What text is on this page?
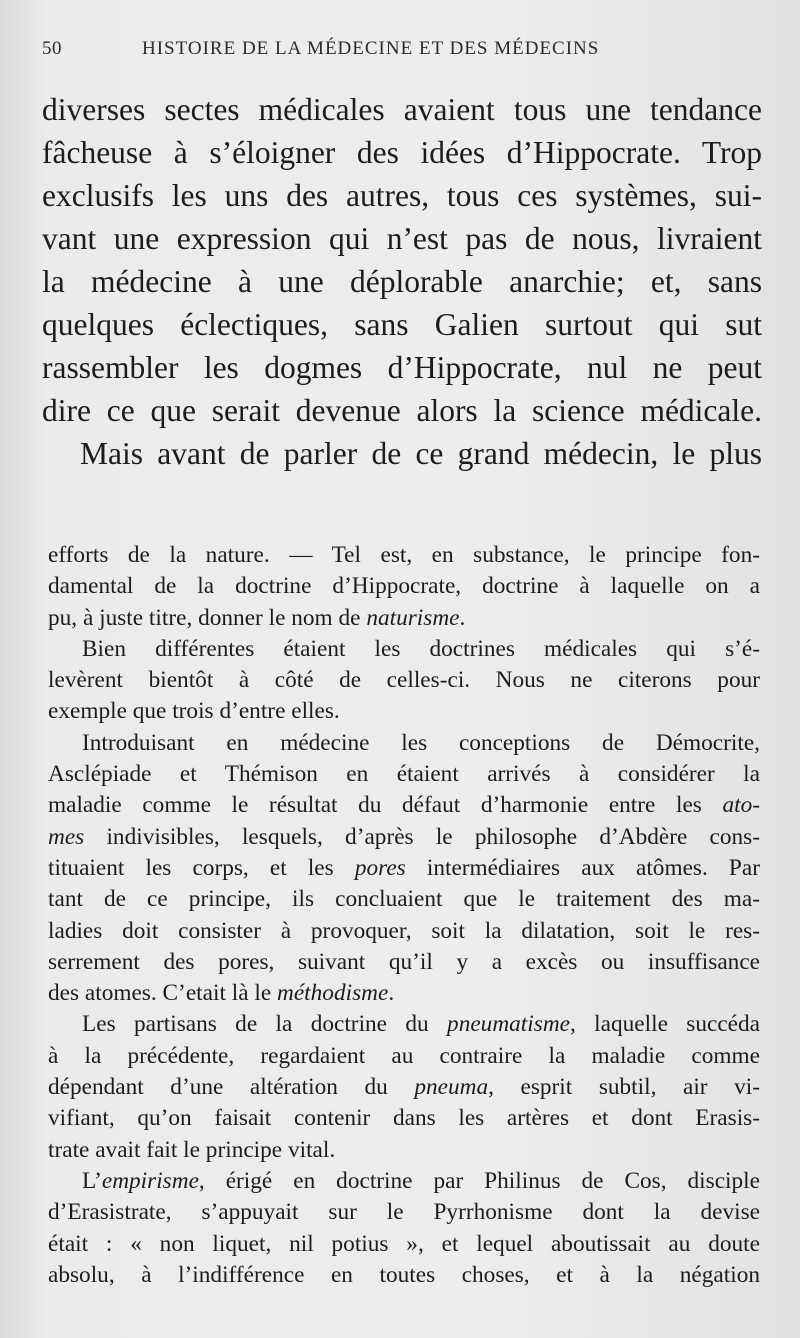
50	HISTOIRE DE LA MÉDECINE ET DES MÉDECINS
diverses sectes médicales avaient tous une tendance
fâcheuse à s’éloigner des idées d’Hippocrate. Trop
exclusifs les uns des autres, tous ces systèmes, sui-
vant une expression qui n’est pas de nous, livraient
la médecine à une déplorable anarchie; et, sans
quelques éclectiques, sans Galien surtout qui sut
rassembler les dogmes d’Hippocrate, nul ne peut
dire ce que serait devenue alors la science médicale.
Mais avant de parler de ce grand médecin, le plus
efforts de la nature. — Tel est, en substance, le principe fon-
damental de la doctrine d’Hippocrate, doctrine à laquelle on a
pu, à juste titre, donner le nom de naturisme.
Bien différentes étaient les doctrines médicales qui s’é-
levèrent bientôt à côté de celles-ci. Nous ne citerons pour
exemple que trois d’entre elles.
Introduisant en médecine les conceptions de Démocrite,
Asclépiade et Thémison en étaient arrivés à considérer la
maladie comme le résultat du défaut d’harmonie entre les ato-
mes indivisibles, lesquels, d’après le philosophe d’Abdère cons-
tituaient les corps, et les pores intermédiaires aux atômes. Par
tant de ce principe, ils concluaient que le traitement des ma-
ladies doit consister à provoquer, soit la dilatation, soit le res-
serrement des pores, suivant qu’il y a excès ou insuffisance
des atomes. C’etait là le méthodisme.
Les partisans de la doctrine du pneumatisme, laquelle succéda
à la précédente, regardaient au contraire la maladie comme
dépendant d’une altération du pneuma, esprit subtil, air vi-
vifiant, qu’on faisait contenir dans les artères et dont Erasis-
trate avait fait le principe vital.
L’empirisme, érigé en doctrine par Philinus de Cos, disciple
d’Erasistrate, s’appuyait sur le Pyrrhonisme dont la devise
était : « non liquet, nil potius », et lequel aboutissait au doute
absolu, à l’indifférence en toutes choses, et à la négation
